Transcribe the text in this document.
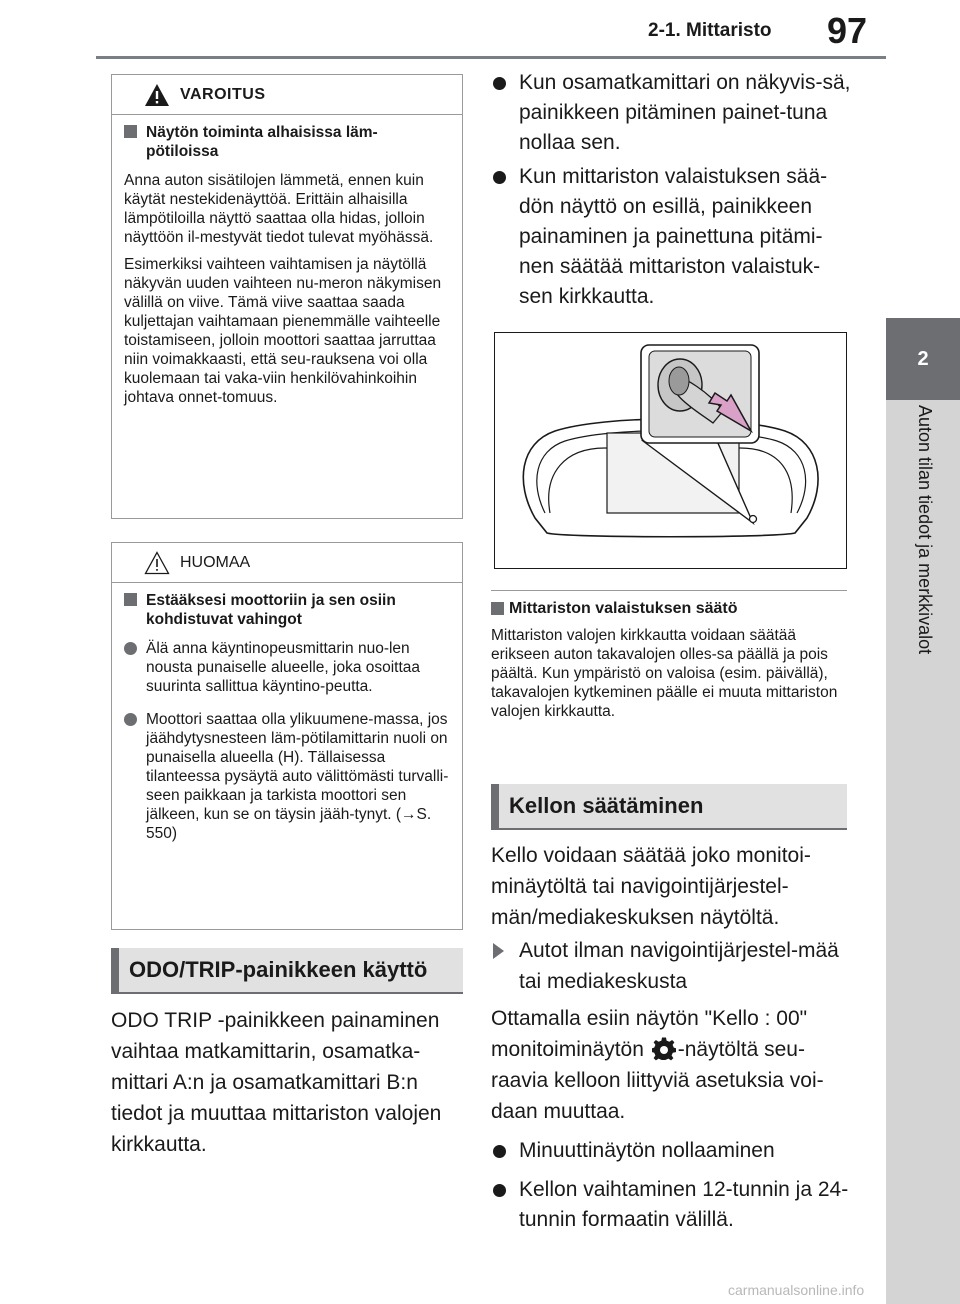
2-1. Mittaristo 97
2
Auton tilan tiedot ja merkkivalot
VAROITUS
Näytön toiminta alhaisissa läm-
pötiloissa

Anna auton sisätilojen lämmetä, ennen kuin käytät nestekidenäyttöä. Erittäin alhaisilla lämpötiloilla näyttö saattaa olla hidas, jolloin näyttöön il-mestyvät tiedot tulevat myöhässä.

Esimerkiksi vaihteen vaihtamisen ja näytöllä näkyvän uuden vaihteen nu-meron näkymisen välillä on viive. Tämä viive saattaa saada kuljettajan vaihtamaan pienemmälle vaihteelle toistamiseen, jolloin moottori saattaa jarruttaa niin voimakkaasti, että seu-rauksena voi olla kuolemaan tai vaka-viin henkilövahinkoihin johtava onnet-tomuus.

HUOMAA
Estääksesi moottoriin ja sen osiin kohdistuvat vahingot
Älä anna käyntinopeusmittarin nuo-len nousta punaiselle alueelle, joka osoittaa suurinta sallittua käyntino-peutta.
Moottori saattaa olla ylikuumene-massa, jos jäähdytysnesteen läm-pötilamittarin nuoli on punaisella alueella (H). Tällaisessa tilanteessa pysäytä auto välittömästi turvalli-seen paikkaan ja tarkista moottori sen jälkeen, kun se on täysin jääh-tynyt. (→S. 550)
ODO/TRIP-painikkeen käyttö
ODO TRIP -painikkeen painaminen vaihtaa matkamittarin, osamatka-mittari A:n ja osamatkamittari B:n tiedot ja muuttaa mittariston valojen kirkkautta.
Kun osamatkamittari on näkyvis-sä, painikkeen pitäminen painet-tuna nollaa sen.
Kun mittariston valaistuksen sää-dön näyttö on esillä, painikkeen painaminen ja painettuna pitämi-nen säätää mittariston valaistuk-sen kirkkautta.
Mittariston valaistuksen säätö
Mittariston valojen kirkkautta voidaan säätää erikseen auton takavalojen olles-sa päällä ja pois päältä. Kun ympäristö on valoisa (esim. päivällä), takavalojen kytkeminen päälle ei muuta mittariston valojen kirkkautta.
Kellon säätäminen
Kello voidaan säätää joko monitoi-minäytöltä tai navigointijärjestel-män/mediakeskuksen näytöltä.
Autot ilman navigointijärjestel-mää tai mediakeskusta
Ottamalla esiin näytön "Kello : 00" monitoiminäytön -näytöltä seu-raavia kelloon liittyviä asetuksia voi-daan muuttaa.
Minuuttinäytön nollaaminen
Kellon vaihtaminen 12-tunnin ja 24-tunnin formaatin välillä.
carmanualsonline.info
